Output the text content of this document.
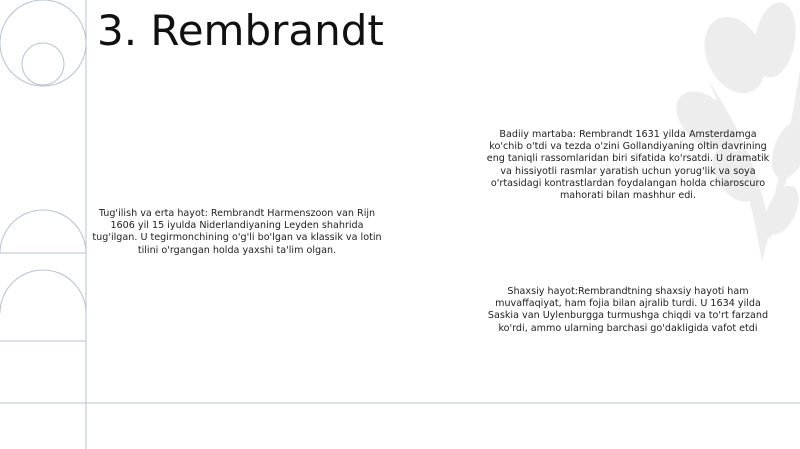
3. Rembrandt

Tug'ilish va erta hayot: Rembrandt Harmenszoon van Rijn 1606 yil 15 iyulda Niderlandiyaning Leyden shahrida tug'ilgan. U tegirmonchining o'g'li bo'lgan va klassik va lotin tilini o'rgangan holda yaxshi ta'lim olgan.

Badiiy martaba: Rembrandt 1631 yilda Amsterdamga ko'chib o'tdi va tezda o'zini Gollandiyaning oltin davrining eng taniqli rassomlaridan biri sifatida ko'rsatdi. U dramatik va hissiyotli rasmlar yaratish uchun yorug'lik va soya o'rtasidagi kontrastlardan foydalangan holda chiaroscuro mahorati bilan mashhur edi.

Shaxsiy hayot:Rembrandtning shaxsiy hayoti ham muvaffaqiyat, ham fojia bilan ajralib turdi. U 1634 yilda Saskia van Uylenburgga turmushga chiqdi va to'rt farzand ko'rdi, ammo ularning barchasi go'dakligida vafot etdi
